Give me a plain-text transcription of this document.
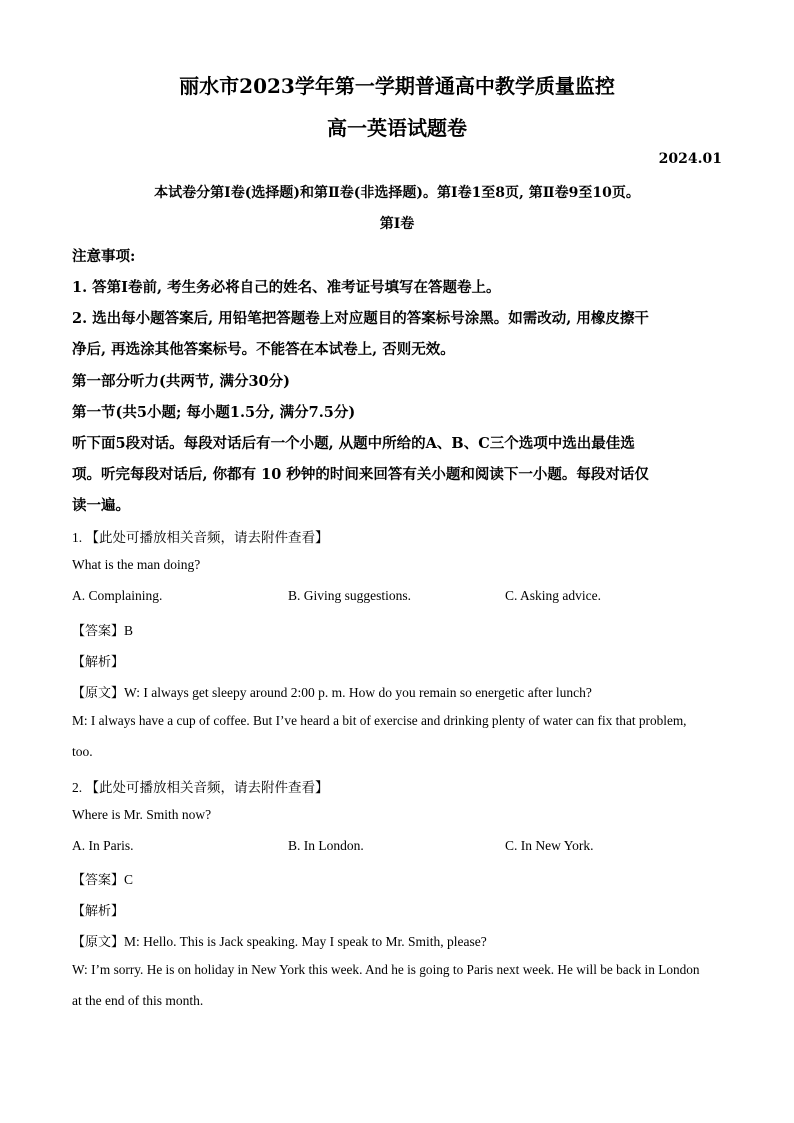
丽水市2023学年第一学期普通高中教学质量监控
高一英语试题卷
2024.01
本试卷分第Ⅰ卷(选择题)和第Ⅱ卷(非选择题)。第Ⅰ卷1至8页, 第Ⅱ卷9至10页。
第Ⅰ卷
注意事项:
1. 答第Ⅰ卷前, 考生务必将自己的姓名、准考证号填写在答题卷上。
2. 选出每小题答案后, 用铅笔把答题卷上对应题目的答案标号涂黑。如需改动, 用橡皮擦干
净后, 再选涂其他答案标号。不能答在本试卷上, 否则无效。
第一部分听力(共两节, 满分30分)
第一节(共5小题; 每小题1.5分, 满分7.5分)
听下面5段对话。每段对话后有一个小题, 从题中所给的A、B、C三个选项中选出最佳选
项。听完每段对话后, 你都有 10 秒钟的时间来回答有关小题和阅读下一小题。每段对话仅
读一遍。
1. 【此处可播放相关音频，请去附件查看】
What is the man doing?
A. Complaining.	B. Giving suggestions.	C. Asking advice.
【答案】B
【解析】
【原文】W: I always get sleepy around 2:00 p. m. How do you remain so energetic after lunch?
M: I always have a cup of coffee. But I’ve heard a bit of exercise and drinking plenty of water can fix that problem,
too.
2. 【此处可播放相关音频，请去附件查看】
Where is Mr. Smith now?
A. In Paris.	B. In London.	C. In New York.
【答案】C
【解析】
【原文】M: Hello. This is Jack speaking. May I speak to Mr. Smith, please?
W: I’m sorry. He is on holiday in New York this week. And he is going to Paris next week. He will be back in London
at the end of this month.
